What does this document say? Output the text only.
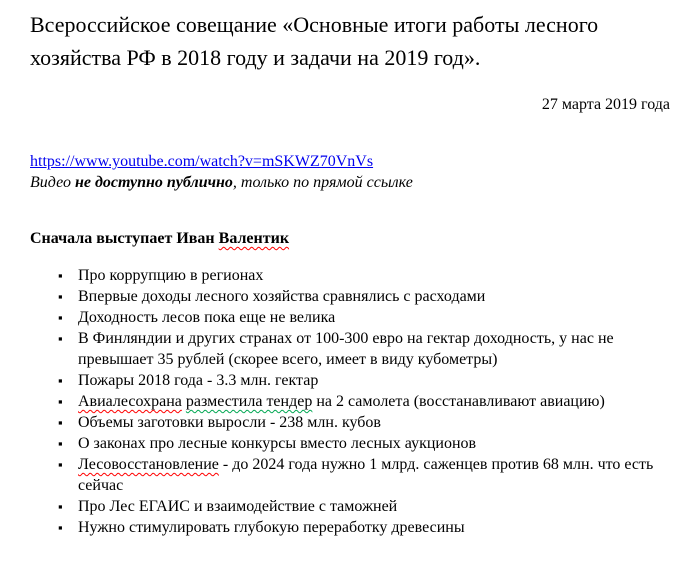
Всероссийское совещание «Основные итоги работы лесного хозяйства РФ в 2018 году и задачи на 2019 год».
27 марта 2019 года
https://www.youtube.com/watch?v=mSKWZ70VnVs

Видео не доступно публично, только по прямой ссылке

Сначала выступает Иван Валентик

▪ Про коррупцию в регионах
▪ Впервые доходы лесного хозяйства сравнялись с расходами
▪ Доходность лесов пока еще не велика
▪ В Финляндии и других странах от 100-300 евро на гектар доходность, у нас не превышает 35 рублей (скорее всего, имеет в виду кубометры)
▪ Пожары 2018 года - 3.3 млн. гектар
▪ Авиалесохрана разместила тендер на 2 самолета (восстанавливают авиацию)
▪ Объемы заготовки выросли - 238 млн. кубов
▪ О законах про лесные конкурсы вместо лесных аукционов
▪ Лесовосстановление - до 2024 года нужно 1 млрд. саженцев против 68 млн. что есть сейчас
▪ Про Лес ЕГАИС и взаимодействие с таможней
▪ Нужно стимулировать глубокую переработку древесины
